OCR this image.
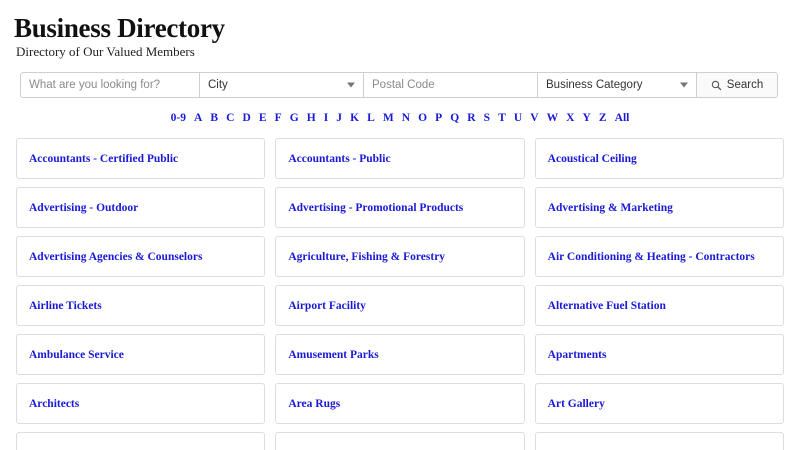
Business Directory
Directory of Our Valued Members
What are you looking for?	City	Postal Code	Business Category	Search
0-9 A B C D E F G H I J K L M N O P Q R S T U V W X Y Z All
Accountants - Certified Public	Accountants - Public	Acoustical Ceiling
Advertising - Outdoor	Advertising - Promotional Products	Advertising & Marketing
Advertising Agencies & Counselors	Agriculture, Fishing & Forestry	Air Conditioning & Heating - Contractors
Airline Tickets	Airport Facility	Alternative Fuel Station
Ambulance Service	Amusement Parks	Apartments
Architects	Area Rugs	Art Gallery
